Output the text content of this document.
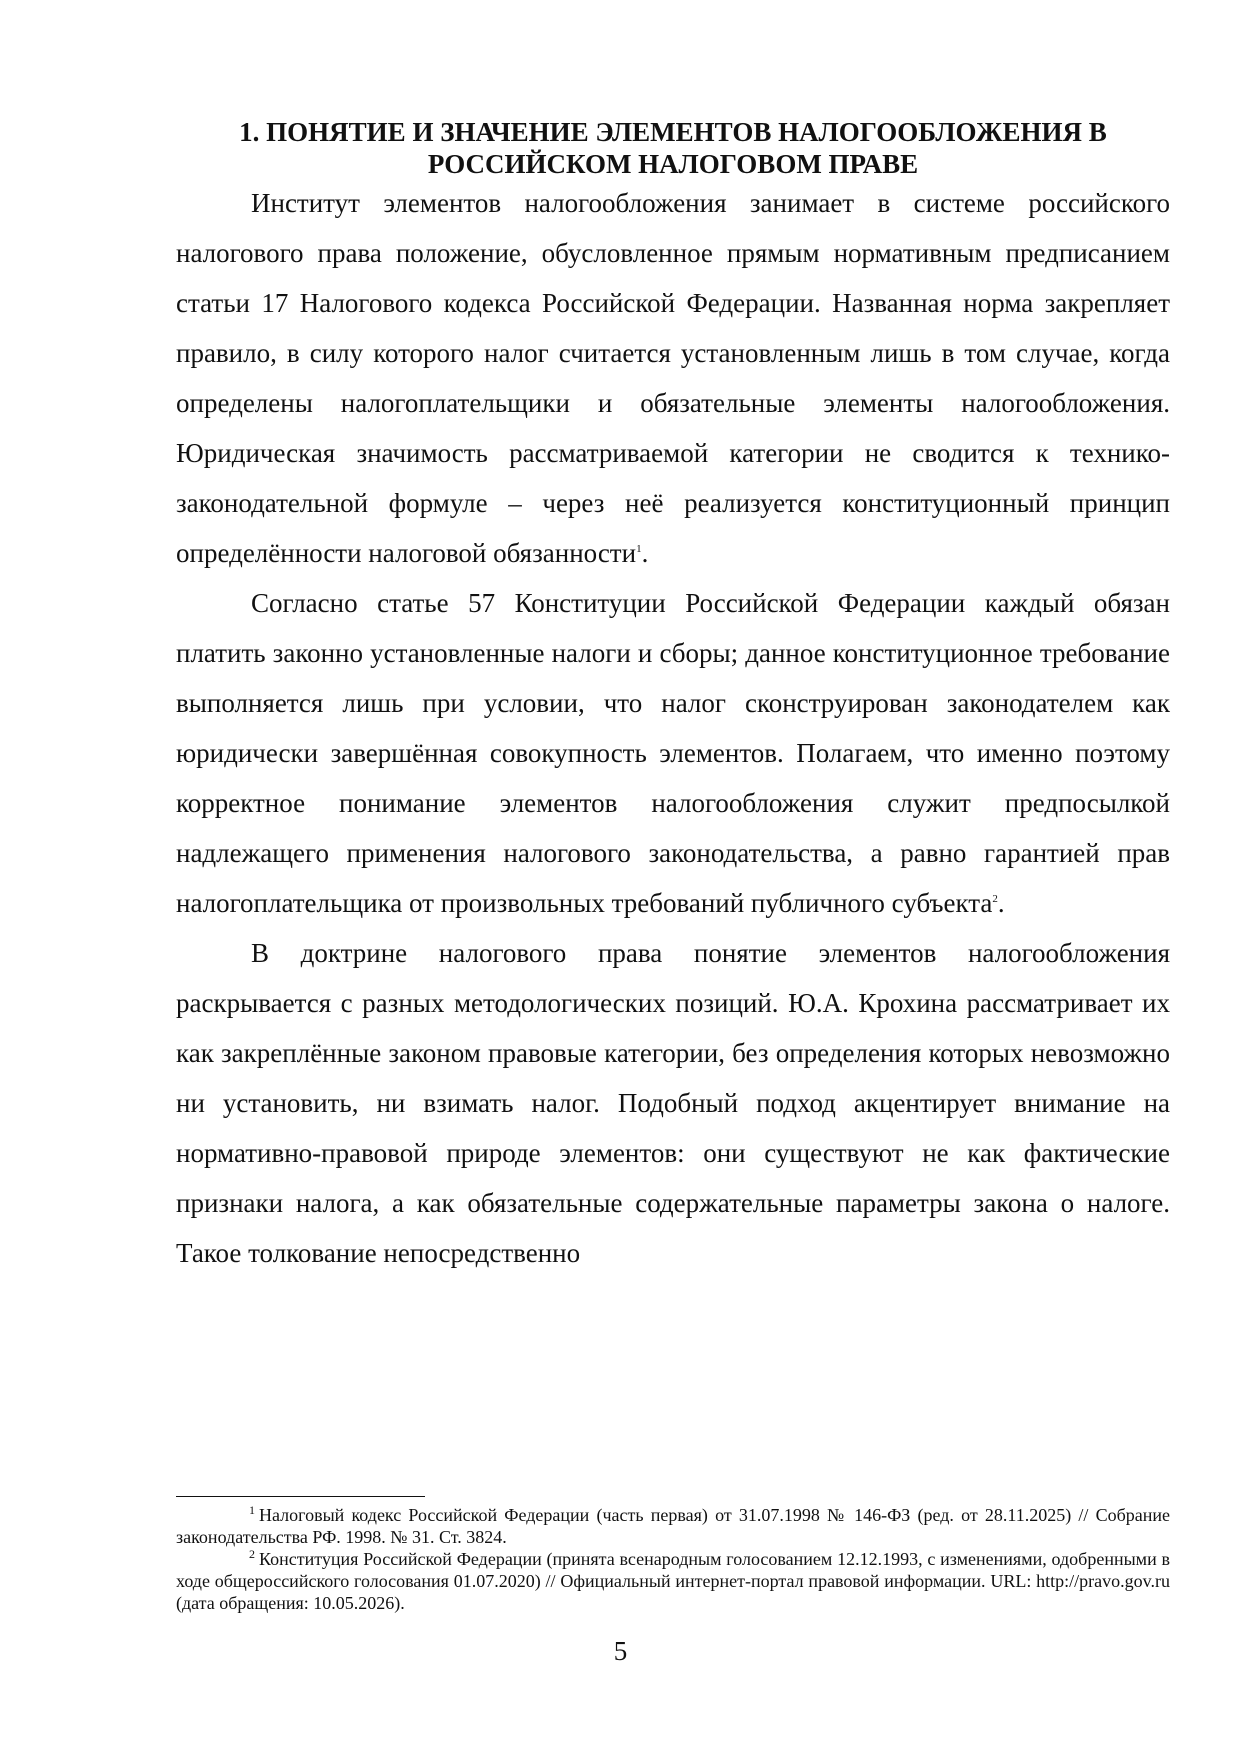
1. ПОНЯТИЕ И ЗНАЧЕНИЕ ЭЛЕМЕНТОВ НАЛОГООБЛОЖЕНИЯ В
РОССИЙСКОМ НАЛОГОВОМ ПРАВЕ

Институт элементов налогообложения занимает в системе российского налогового права положение, обусловленное прямым нормативным предписанием статьи 17 Налогового кодекса Российской Федерации. Названная норма закрепляет правило, в силу которого налог считается установленным лишь в том случае, когда определены налогоплательщики и обязательные элементы налогообложения. Юридическая значимость рассматриваемой категории не сводится к технико-законодательной формуле – через неё реализуется конституционный принцип определённости налоговой обязанности$^1$.

Согласно статье 57 Конституции Российской Федерации каждый обязан платить законно установленные налоги и сборы; данное конституционное требование выполняется лишь при условии, что налог сконструирован законодателем как юридически завершённая совокупность элементов. Полагаем, что именно поэтому корректное понимание элементов налогообложения служит предпосылкой надлежащего применения налогового законодательства, а равно гарантией прав налогоплательщика от произвольных требований публичного субъекта$^2$.

В доктрине налогового права понятие элементов налогообложения раскрывается с разных методологических позиций. Ю.А. Крохина рассматривает их как закреплённые законом правовые категории, без определения которых невозможно ни установить, ни взимать налог. Подобный подход акцентирует внимание на нормативно-правовой природе элементов: они существуют не как фактические признаки налога, а как обязательные содержательные параметры закона о налоге. Такое толкование непосредственно

$^1$ Налоговый кодекс Российской Федерации (часть первая) от 31.07.1998 № 146-ФЗ (ред. от 28.11.2025) // Собрание законодательства РФ. 1998. № 31. Ст. 3824.

$^2$ Конституция Российской Федерации (принята всенародным голосованием 12.12.1993, с изменениями, одобренными в ходе общероссийского голосования 01.07.2020) // Официальный интернет-портал правовой информации. URL: http://pravo.gov.ru (дата обращения: 10.05.2026).

5
